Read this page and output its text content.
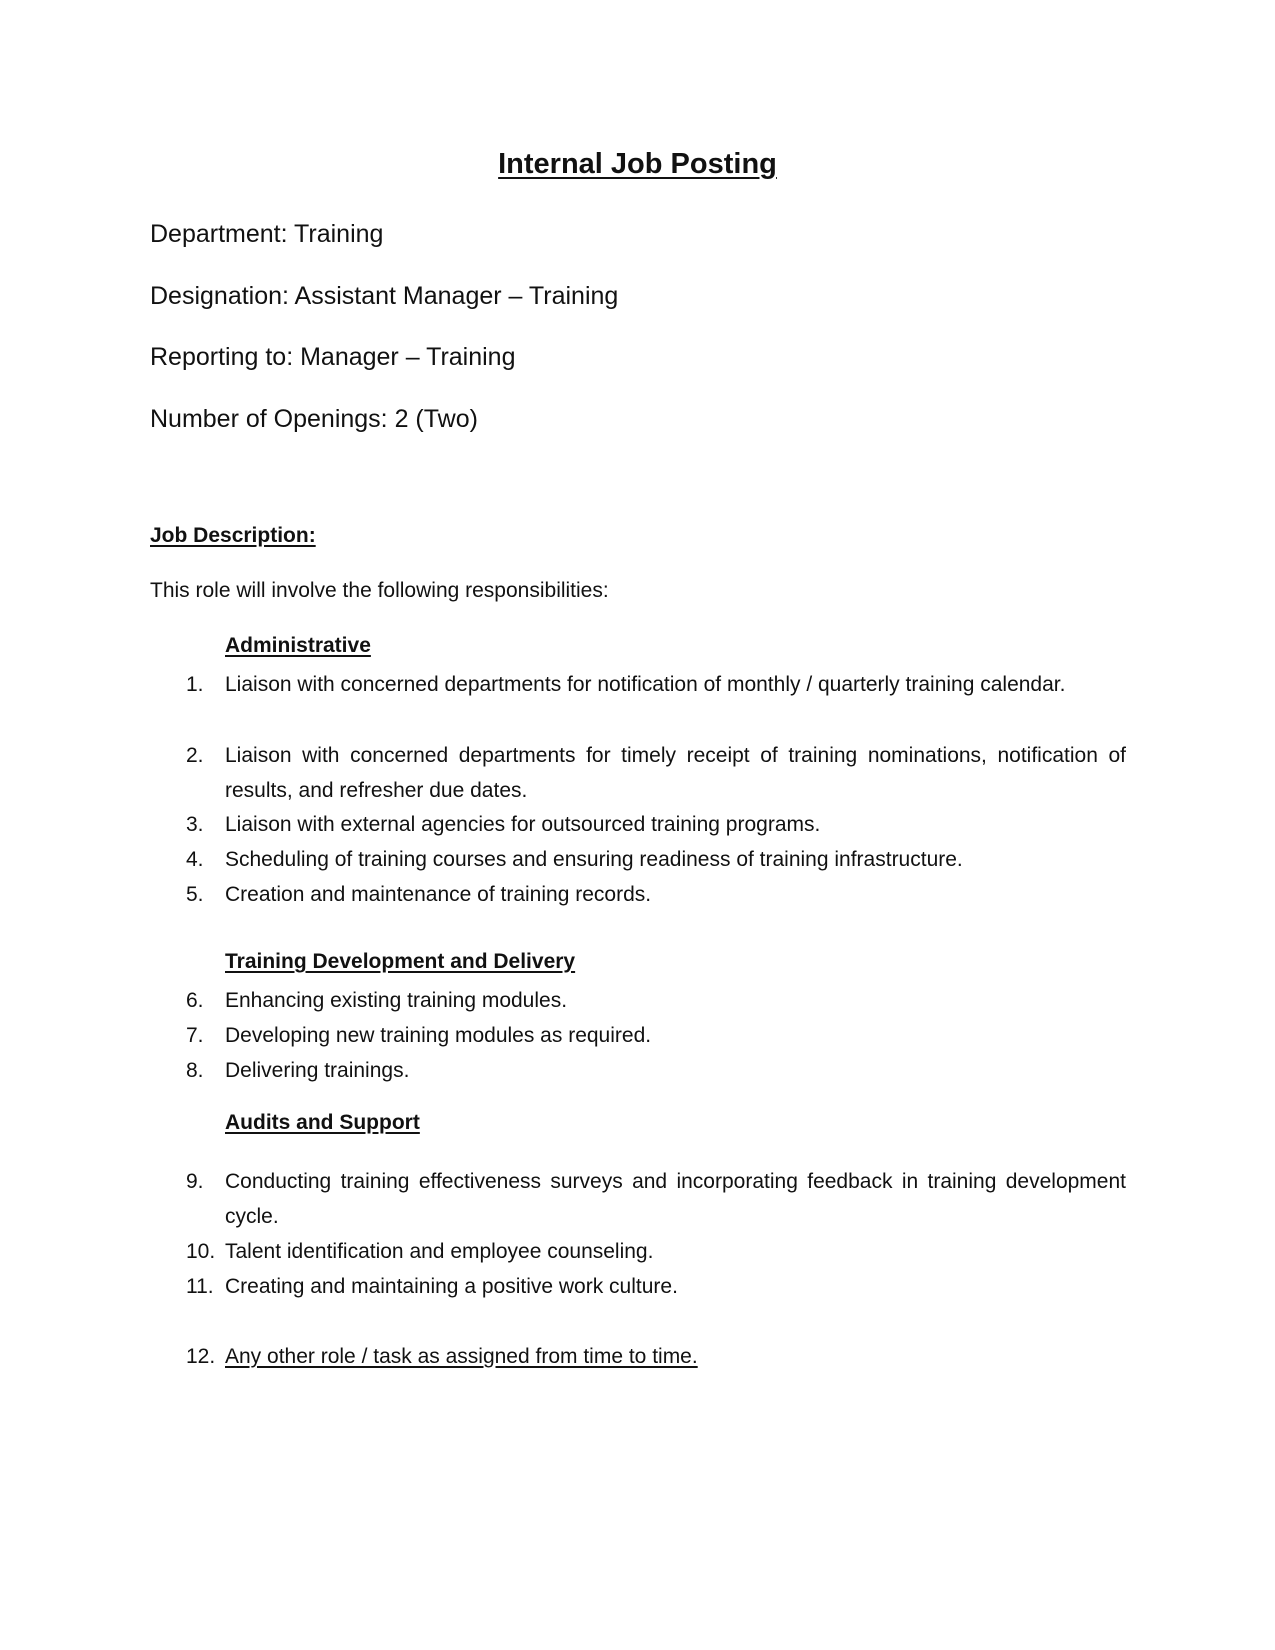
Internal Job Posting
Department: Training
Designation: Assistant Manager – Training
Reporting to: Manager – Training
Number of Openings: 2 (Two)
Job Description:
This role will involve the following responsibilities:
Administrative
1.	Liaison with concerned departments for notification of monthly / quarterly training calendar.
2.	Liaison with concerned departments for timely receipt of training nominations, notification of results, and refresher due dates.
3.	Liaison with external agencies for outsourced training programs.
4.	Scheduling of training courses and ensuring readiness of training infrastructure.
5.	Creation and maintenance of training records.
Training Development and Delivery
6.	Enhancing existing training modules.
7.	Developing new training modules as required.
8.	Delivering trainings.
Audits and Support
9.	Conducting training effectiveness surveys and incorporating feedback in training development cycle.
10. Talent identification and employee counseling.
11. Creating and maintaining a positive work culture.
12. Any other role / task as assigned from time to time.
